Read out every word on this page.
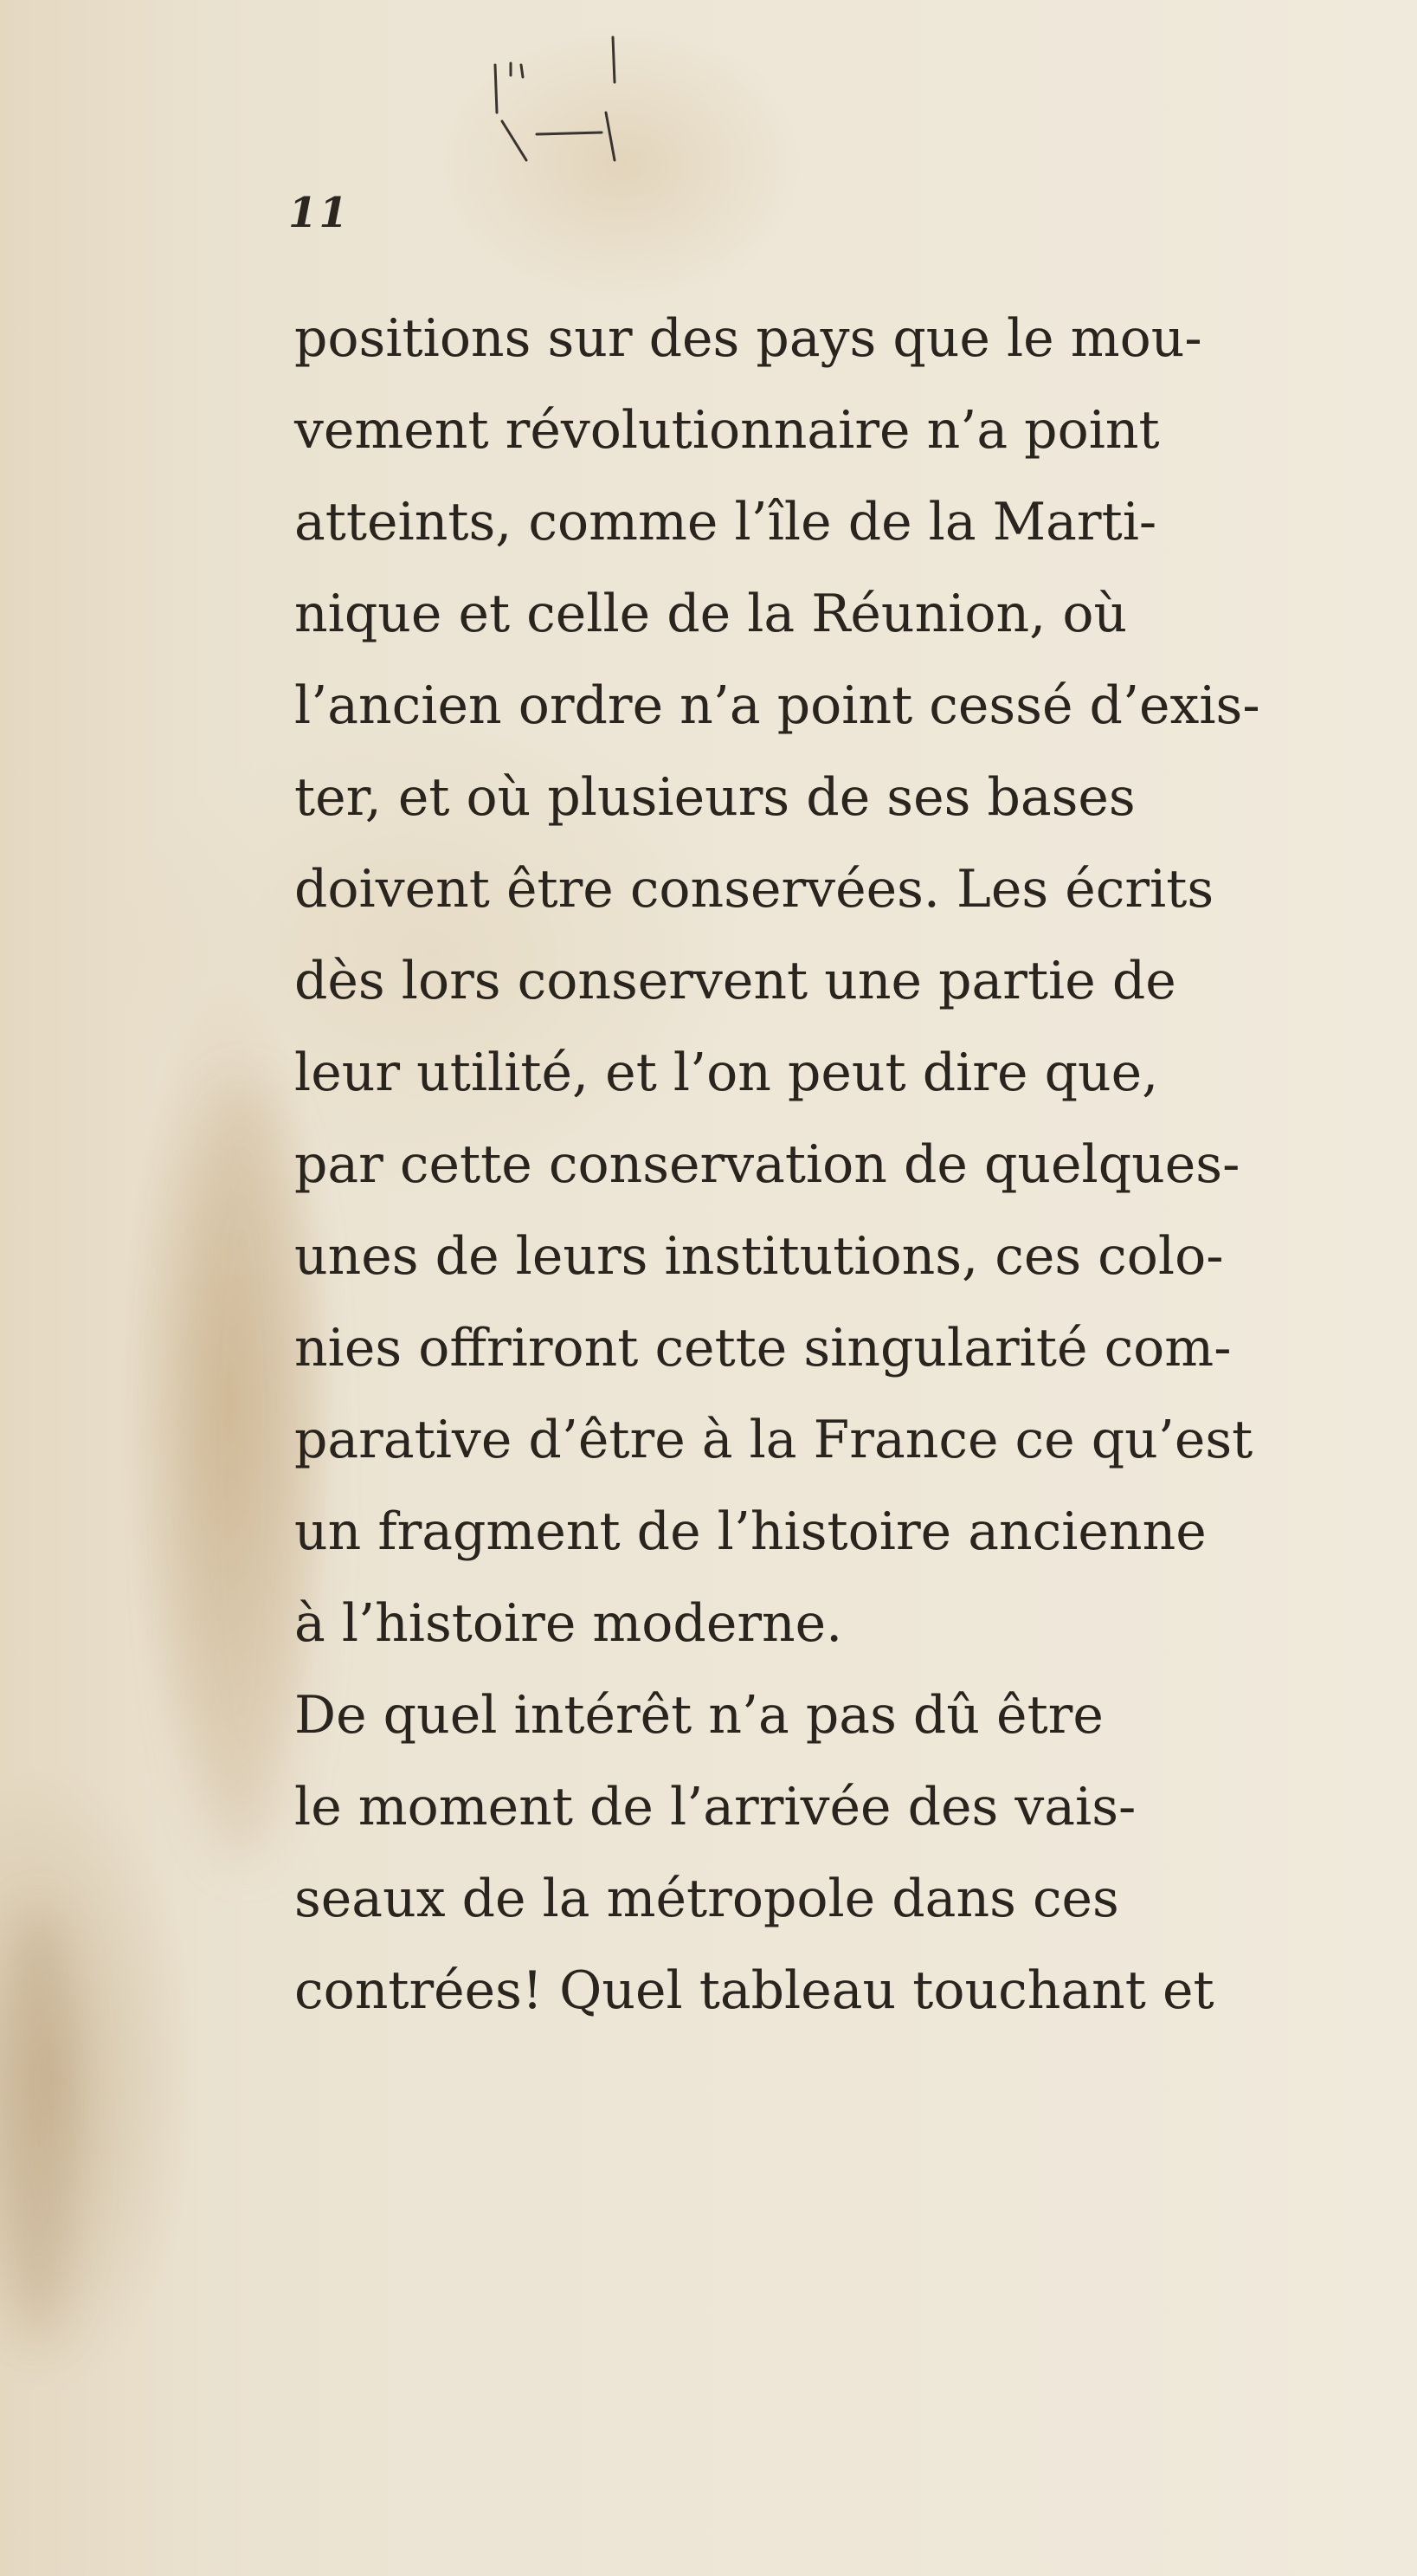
11
positions sur des pays que le mou-
vement révolutionnaire n’a point
atteints, comme l’île de la Marti-
nique et celle de la Réunion, où
l’ancien ordre n’a point cessé d’exis-
ter, et où plusieurs de ses bases
doivent être conservées. Les écrits
dès lors conservent une partie de
leur utilité, et l’on peut dire que,
par cette conservation de quelques-
unes de leurs institutions, ces colo-
nies offriront cette singularité com-
parative d’être à la France ce qu’est
un fragment de l’histoire ancienne
à l’histoire moderne.
De quel intérêt n’a pas dû être
le moment de l’arrivée des vais-
seaux de la métropole dans ces
contrées! Quel tableau touchant et
